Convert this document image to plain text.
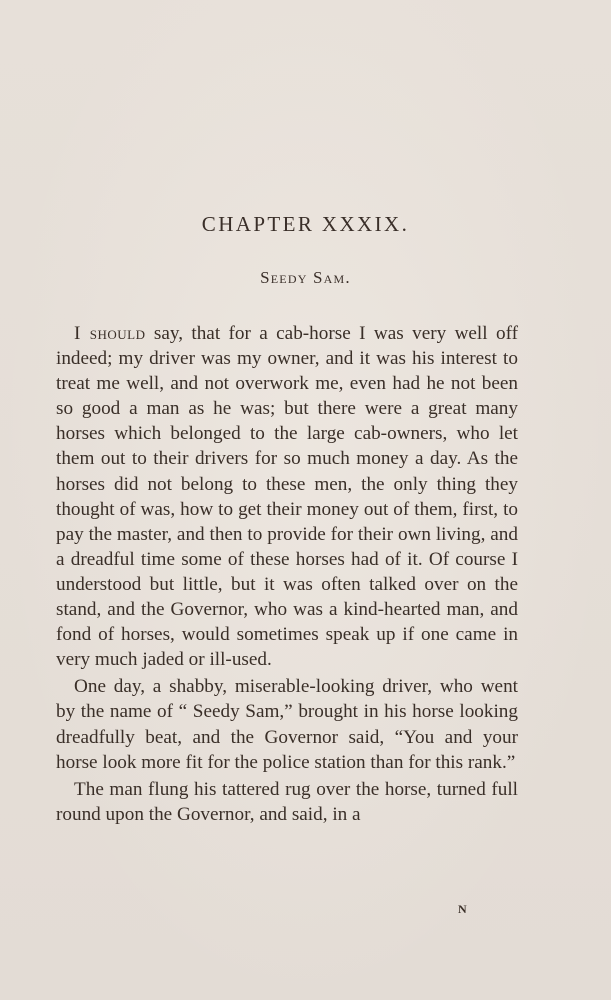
CHAPTER XXXIX.
Seedy Sam.

I should say, that for a cab-horse I was very well off indeed; my driver was my owner, and it was his interest to treat me well, and not overwork me, even had he not been so good a man as he was; but there were a great many horses which belonged to the large cab-owners, who let them out to their drivers for so much money a day. As the horses did not belong to these men, the only thing they thought of was, how to get their money out of them, first, to pay the master, and then to provide for their own living, and a dreadful time some of these horses had of it. Of course I understood but little, but it was often talked over on the stand, and the Governor, who was a kind-hearted man, and fond of horses, would sometimes speak up if one came in very much jaded or ill-used.

One day, a shabby, miserable-looking driver, who went by the name of “ Seedy Sam,” brought in his horse looking dreadfully beat, and the Governor said, “You and your horse look more fit for the police station than for this rank.”

The man flung his tattered rug over the horse, turned full round upon the Governor, and said, in a

N
